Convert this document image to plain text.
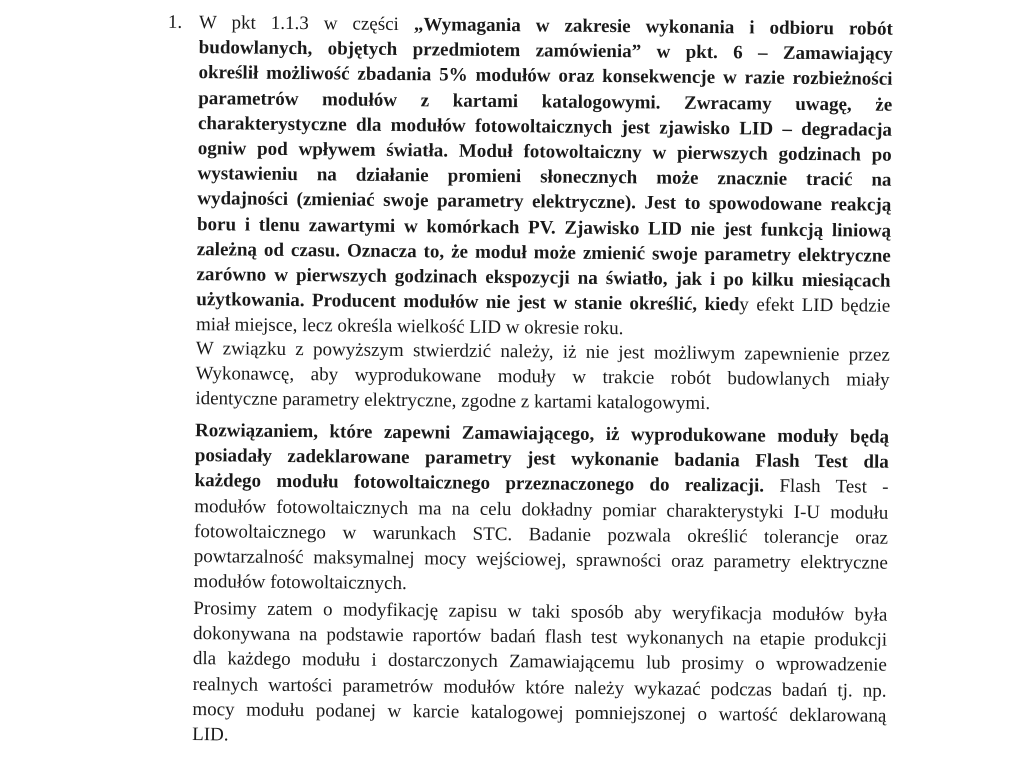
1. W pkt 1.1.3 w części „Wymagania w zakresie wykonania i odbioru robót
budowlanych, objętych przedmiotem zamówienia” w pkt. 6 – Zamawiający
określił możliwość zbadania 5% modułów oraz konsekwencje w razie rozbieżności
parametrów modułów z kartami katalogowymi. Zwracamy uwagę, że
charakterystyczne dla modułów fotowoltaicznych jest zjawisko LID – degradacja
ogniw pod wpływem światła. Moduł fotowoltaiczny w pierwszych godzinach po
wystawieniu na działanie promieni słonecznych może znacznie tracić na
wydajności (zmieniać swoje parametry elektryczne). Jest to spowodowane reakcją
boru i tlenu zawartymi w komórkach PV. Zjawisko LID nie jest funkcją liniową
zależną od czasu. Oznacza to, że moduł może zmienić swoje parametry elektryczne
zarówno w pierwszych godzinach ekspozycji na światło, jak i po kilku miesiącach
użytkowania. Producent modułów nie jest w stanie określić, kiedy efekt LID będzie
miał miejsce, lecz określa wielkość LID w okresie roku.
W związku z powyższym stwierdzić należy, iż nie jest możliwym zapewnienie przez
Wykonawcę, aby wyprodukowane moduły w trakcie robót budowlanych miały
identyczne parametry elektryczne, zgodne z kartami katalogowymi.
Rozwiązaniem, które zapewni Zamawiającego, iż wyprodukowane moduły będą
posiadały zadeklarowane parametry jest wykonanie badania Flash Test dla
każdego modułu fotowoltaicznego przeznaczonego do realizacji. Flash Test -
modułów fotowoltaicznych ma na celu dokładny pomiar charakterystyki I-U modułu
fotowoltaicznego w warunkach STC. Badanie pozwala określić tolerancje oraz
powtarzalność maksymalnej mocy wejściowej, sprawności oraz parametry elektryczne
modułów fotowoltaicznych.
Prosimy zatem o modyfikację zapisu w taki sposób aby weryfikacja modułów była
dokonywana na podstawie raportów badań flash test wykonanych na etapie produkcji
dla każdego modułu i dostarczonych Zamawiającemu lub prosimy o wprowadzenie
realnych wartości parametrów modułów które należy wykazać podczas badań tj. np.
mocy modułu podanej w karcie katalogowej pomniejszonej o wartość deklarowaną
LID.
